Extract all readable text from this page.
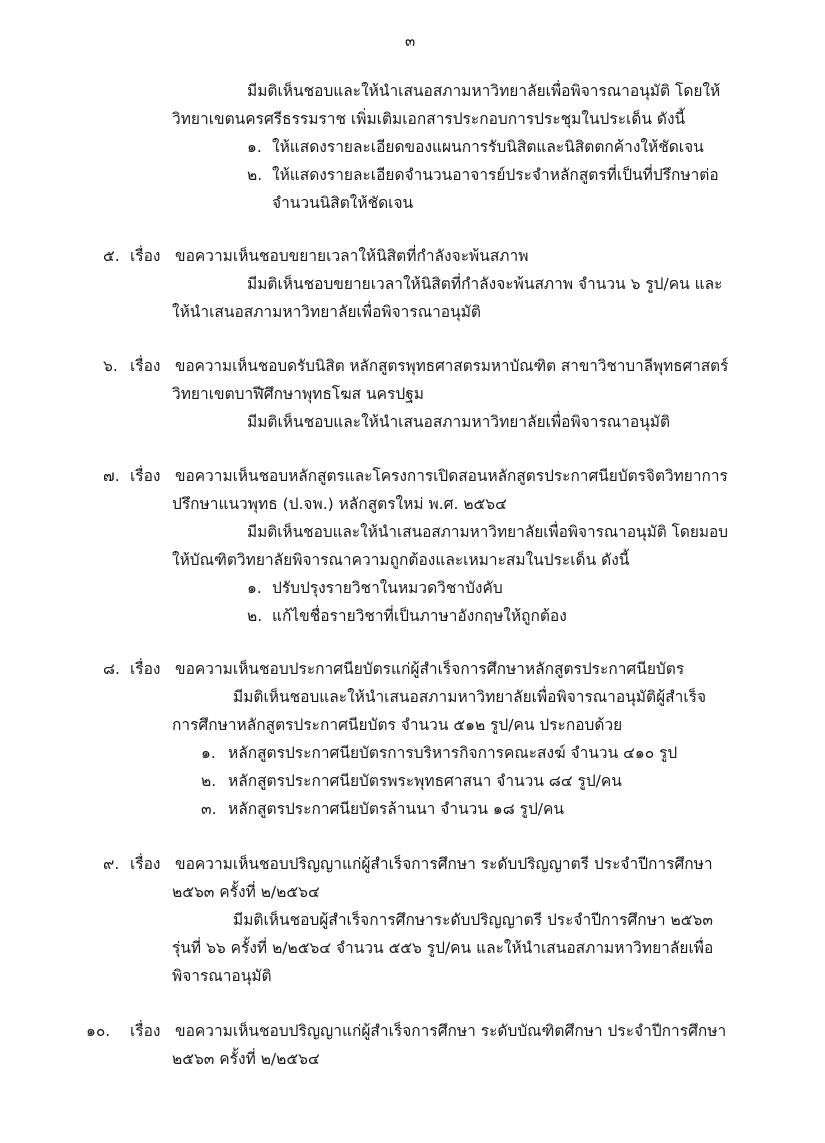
๓
มีมติเห็นชอบและให้นำเสนอสภามหาวิทยาลัยเพื่อพิจารณาอนุมัติ โดยให้
วิทยาเขตนครศรีธรรมราช เพิ่มเติมเอกสารประกอบการประชุมในประเด็น ดังนี้
๑. ให้แสดงรายละเอียดของแผนการรับนิสิตและนิสิตตกค้างให้ชัดเจน
๒. ให้แสดงรายละเอียดจำนวนอาจารย์ประจำหลักสูตรที่เป็นที่ปรึกษาต่อ
จำนวนนิสิตให้ชัดเจน
๕. เรื่อง ขอความเห็นชอบขยายเวลาให้นิสิตที่กำลังจะพ้นสภาพ
มีมติเห็นชอบขยายเวลาให้นิสิตที่กำลังจะพ้นสภาพ จำนวน ๖ รูป/คน และ
ให้นำเสนอสภามหาวิทยาลัยเพื่อพิจารณาอนุมัติ
๖. เรื่อง ขอความเห็นชอบดรับนิสิต หลักสูตรพุทธศาสตรมหาบัณฑิต สาขาวิชาบาลีพุทธศาสตร์
วิทยาเขตบาฬีศึกษาพุทธโฆส นครปฐม
มีมติเห็นชอบและให้นำเสนอสภามหาวิทยาลัยเพื่อพิจารณาอนุมัติ
๗. เรื่อง ขอความเห็นชอบหลักสูตรและโครงการเปิดสอนหลักสูตรประกาศนียบัตรจิตวิทยาการ
ปรึกษาแนวพุทธ (ป.จพ.) หลักสูตรใหม่ พ.ศ. ๒๕๖๔
มีมติเห็นชอบและให้นำเสนอสภามหาวิทยาลัยเพื่อพิจารณาอนุมัติ โดยมอบ
ให้บัณฑิตวิทยาลัยพิจารณาความถูกต้องและเหมาะสมในประเด็น ดังนี้
๑. ปรับปรุงรายวิชาในหมวดวิชาบังคับ
๒. แก้ไขชื่อรายวิชาที่เป็นภาษาอังกฤษให้ถูกต้อง
๘. เรื่อง ขอความเห็นชอบประกาศนียบัตรแก่ผู้สำเร็จการศึกษาหลักสูตรประกาศนียบัตร
มีมติเห็นชอบและให้นำเสนอสภามหาวิทยาลัยเพื่อพิจารณาอนุมัติผู้สำเร็จ
การศึกษาหลักสูตรประกาศนียบัตร จำนวน ๕๑๒ รูป/คน ประกอบด้วย
๑. หลักสูตรประกาศนียบัตรการบริหารกิจการคณะสงฆ์ จำนวน ๔๑๐ รูป
๒. หลักสูตรประกาศนียบัตรพระพุทธศาสนา จำนวน ๘๔ รูป/คน
๓. หลักสูตรประกาศนียบัตรล้านนา จำนวน ๑๘ รูป/คน
๙. เรื่อง ขอความเห็นชอบปริญญาแก่ผู้สำเร็จการศึกษา ระดับปริญญาตรี ประจำปีการศึกษา
๒๕๖๓ ครั้งที่ ๒/๒๕๖๔
มีมติเห็นชอบผู้สำเร็จการศึกษาระดับปริญญาตรี ประจำปีการศึกษา ๒๕๖๓
รุ่นที่ ๖๖ ครั้งที่ ๒/๒๕๖๔ จำนวน ๕๕๖ รูป/คน และให้นำเสนอสภามหาวิทยาลัยเพื่อ
พิจารณาอนุมัติ
๑๐. เรื่อง ขอความเห็นชอบปริญญาแก่ผู้สำเร็จการศึกษา ระดับบัณฑิตศึกษา ประจำปีการศึกษา
๒๕๖๓ ครั้งที่ ๒/๒๕๖๔
